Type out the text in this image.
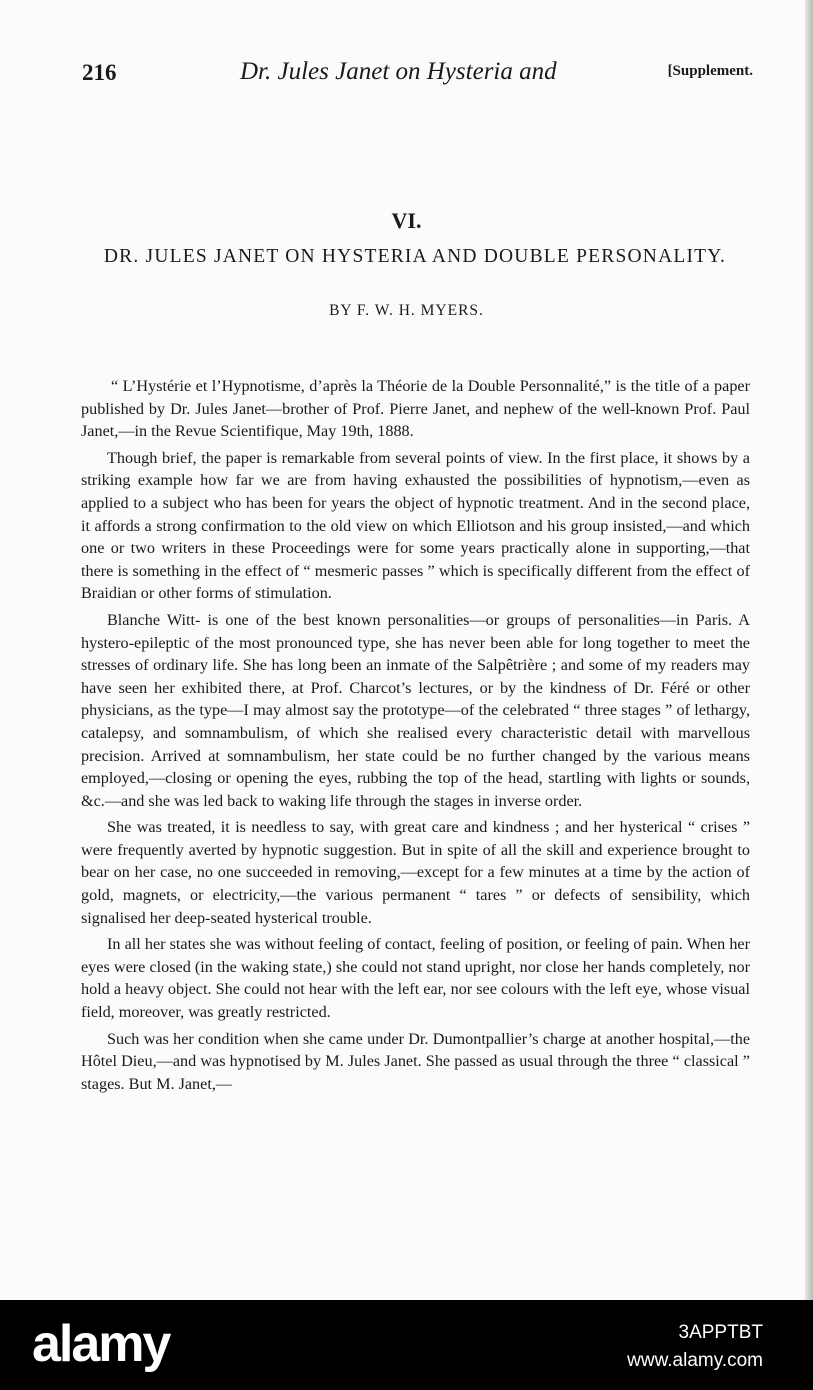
216	Dr. Jules Janet on Hysteria and	[Supplement.
VI.
DR. JULES JANET ON HYSTERIA AND DOUBLE PERSONALITY.
BY F. W. H. MYERS.

“ L’Hystérie et l’Hypnotisme, d’après la Théorie de la Double Personnalité,” is the title of a paper published by Dr. Jules Janet—brother of Prof. Pierre Janet, and nephew of the well-known Prof. Paul Janet,—in the Revue Scientifique, May 19th, 1888.

Though brief, the paper is remarkable from several points of view. In the first place, it shows by a striking example how far we are from having exhausted the possibilities of hypnotism,—even as applied to a subject who has been for years the object of hypnotic treatment. And in the second place, it affords a strong confirmation to the old view on which Elliotson and his group insisted,—and which one or two writers in these Proceedings were for some years practically alone in supporting,—that there is something in the effect of “ mesmeric passes ” which is specifically different from the effect of Braidian or other forms of stimulation.

Blanche Witt- is one of the best known personalities—or groups of personalities—in Paris. A hystero-epileptic of the most pronounced type, she has never been able for long together to meet the stresses of ordinary life. She has long been an inmate of the Salpêtrière ; and some of my readers may have seen her exhibited there, at Prof. Charcot’s lectures, or by the kindness of Dr. Féré or other physicians, as the type—I may almost say the prototype—of the celebrated “ three stages ” of lethargy, catalepsy, and somnambulism, of which she realised every characteristic detail with marvellous precision. Arrived at somnambulism, her state could be no further changed by the various means employed,—closing or opening the eyes, rubbing the top of the head, startling with lights or sounds, &c.—and she was led back to waking life through the stages in inverse order.

She was treated, it is needless to say, with great care and kindness ; and her hysterical “ crises ” were frequently averted by hypnotic suggestion. But in spite of all the skill and experience brought to bear on her case, no one succeeded in removing,—except for a few minutes at a time by the action of gold, magnets, or electricity,—the various permanent “ tares ” or defects of sensibility, which signalised her deep-seated hysterical trouble.

In all her states she was without feeling of contact, feeling of position, or feeling of pain. When her eyes were closed (in the waking state,) she could not stand upright, nor close her hands completely, nor hold a heavy object. She could not hear with the left ear, nor see colours with the left eye, whose visual field, moreover, was greatly restricted.

Such was her condition when she came under Dr. Dumontpallier’s charge at another hospital,—the Hôtel Dieu,—and was hypnotised by M. Jules Janet. She passed as usual through the three “ classical ” stages. But M. Janet,—

alamy	3APPTBT
www.alamy.com
